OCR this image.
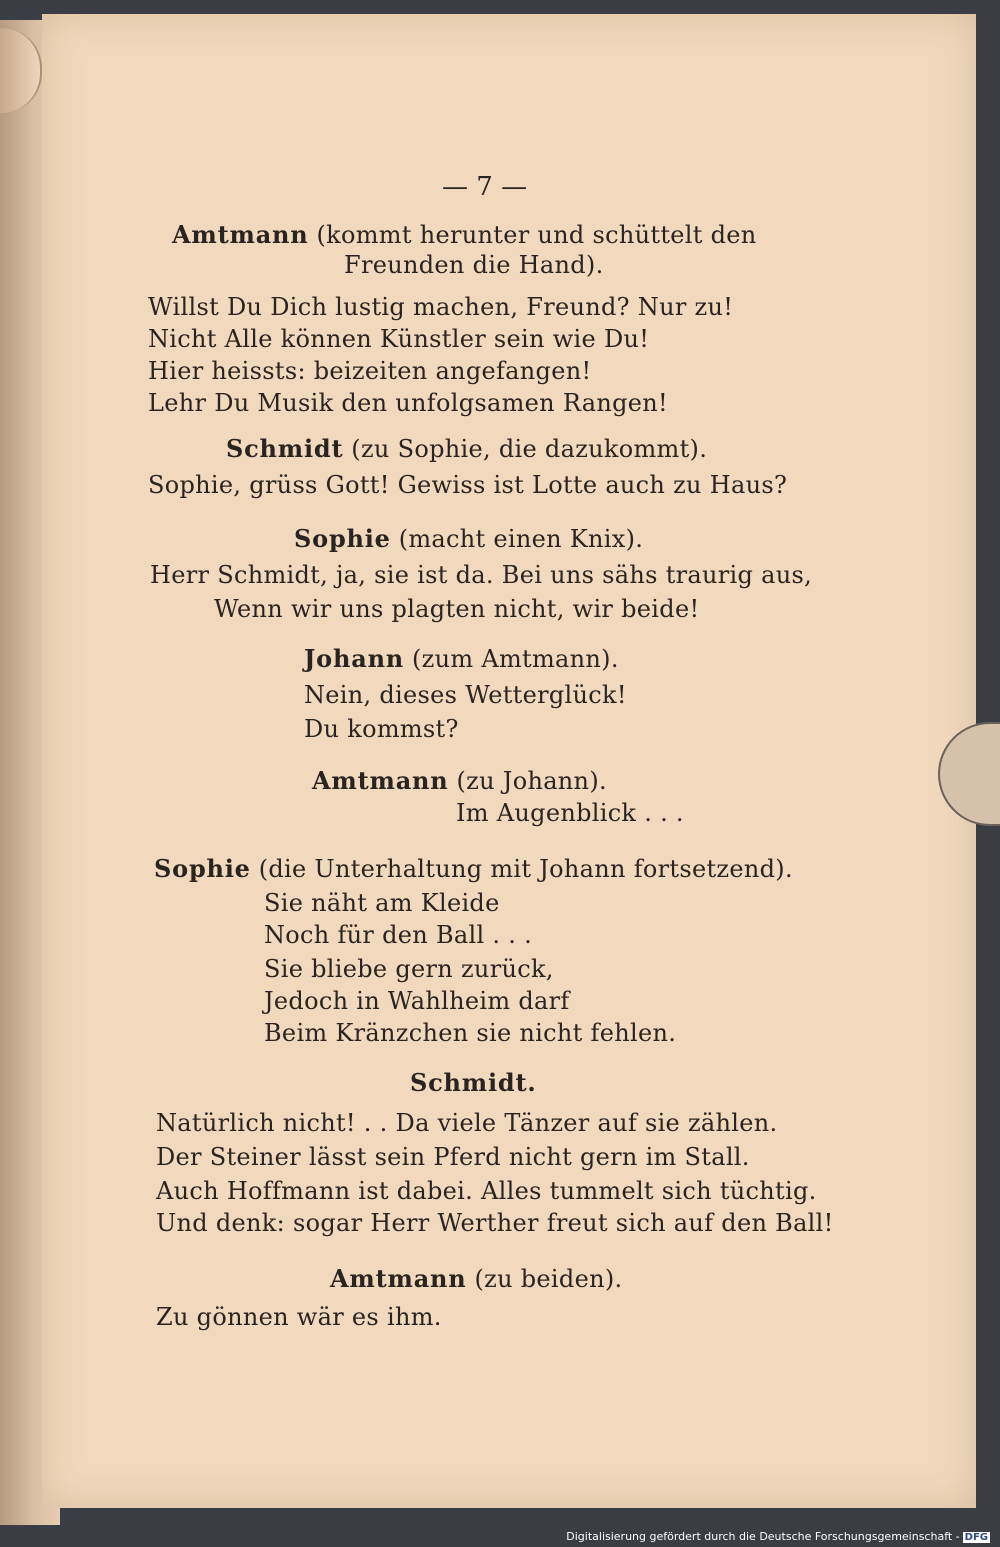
— 7 —
Amtmann (kommt herunter und schüttelt den
Freunden die Hand).
Willst Du Dich lustig machen, Freund? Nur zu!
Nicht Alle können Künstler sein wie Du!
Hier heissts: beizeiten angefangen!
Lehr Du Musik den unfolgsamen Rangen!
Schmidt (zu Sophie, die dazukommt).
Sophie, grüss Gott! Gewiss ist Lotte auch zu Haus?
Sophie (macht einen Knix).
Herr Schmidt, ja, sie ist da. Bei uns sähs traurig aus,
Wenn wir uns plagten nicht, wir beide!
Johann (zum Amtmann).
Nein, dieses Wetterglück!
Du kommst?
Amtmann (zu Johann).
Im Augenblick . . .
Sophie (die Unterhaltung mit Johann fortsetzend).
Sie näht am Kleide
Noch für den Ball . . .
Sie bliebe gern zurück,
Jedoch in Wahlheim darf
Beim Kränzchen sie nicht fehlen.
Schmidt.
Natürlich nicht! . . Da viele Tänzer auf sie zählen.
Der Steiner lässt sein Pferd nicht gern im Stall.
Auch Hoffmann ist dabei. Alles tummelt sich tüchtig.
Und denk: sogar Herr Werther freut sich auf den Ball!
Amtmann (zu beiden).
Zu gönnen wär es ihm.
Digitalisierung gefördert durch die Deutsche Forschungsgemeinschaft - DFG
